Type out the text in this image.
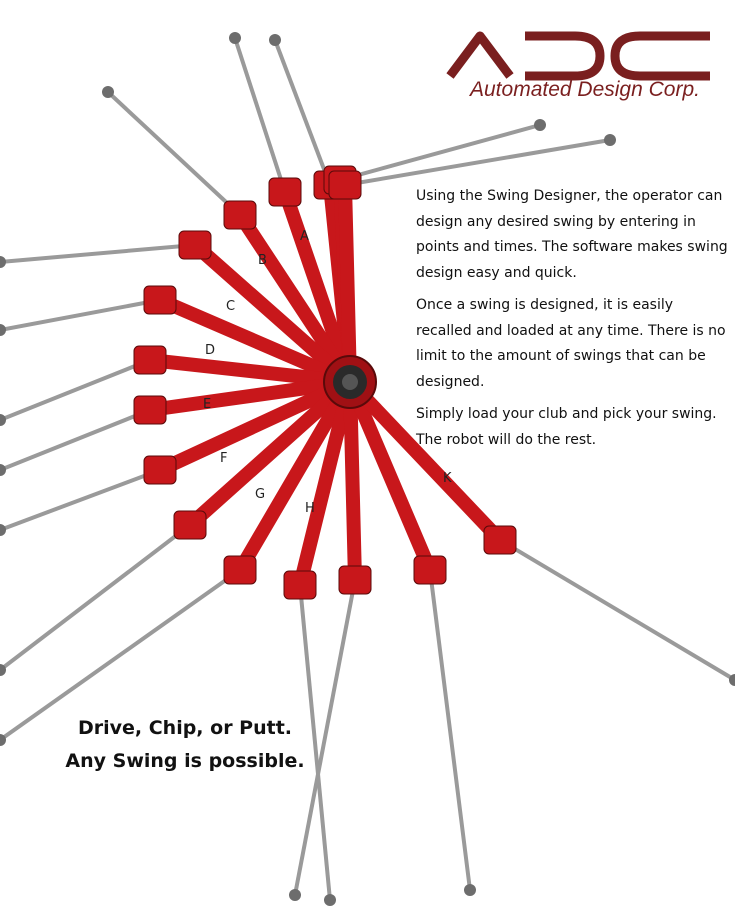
A
B
C
D
E
F
G
H
K
Automated Design Corp.

Using the Swing Designer, the operator can design any desired swing by entering in points and times. The software makes swing design easy and quick.

Once a swing is designed, it is easily recalled and loaded at any time. There is no limit to the amount of swings that can be designed.

Simply load your club and pick your swing. The robot will do the rest.

Drive, Chip, or Putt.
Any Swing is possible.
